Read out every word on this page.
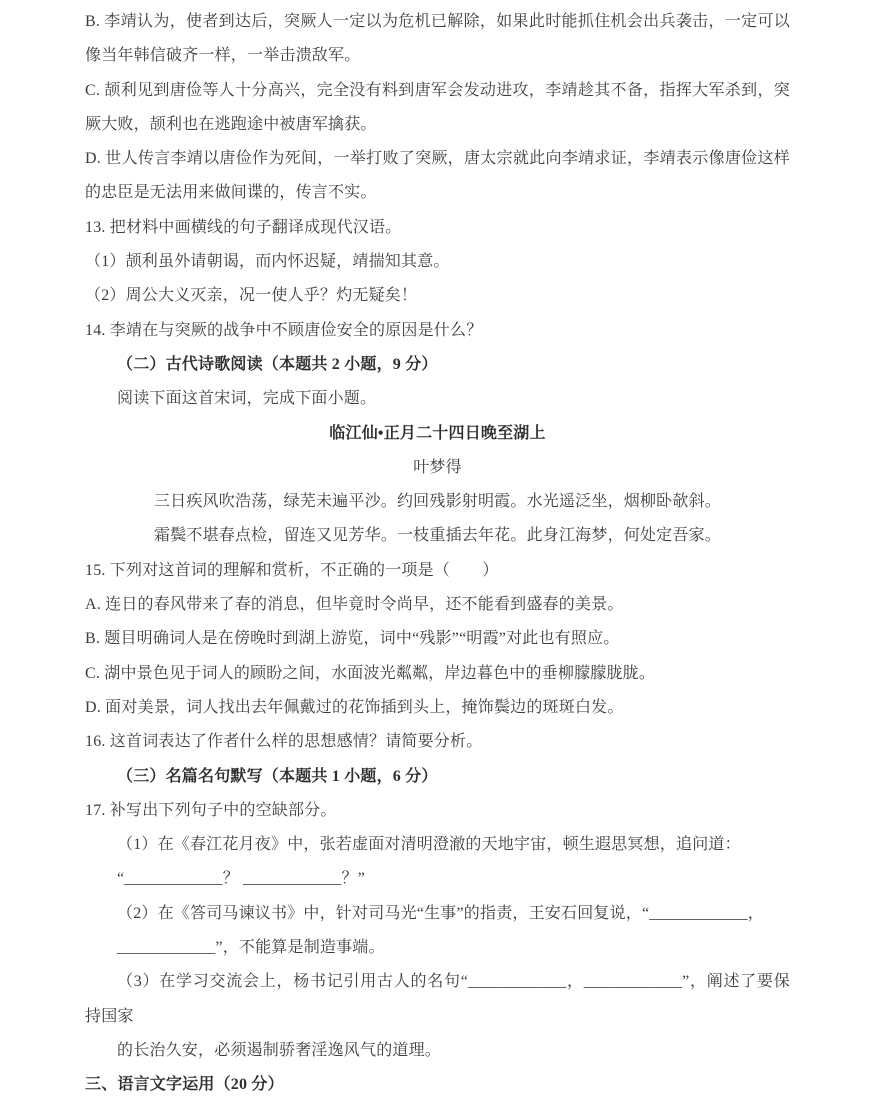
B. 李靖认为，使者到达后，突厥人一定以为危机已解除，如果此时能抓住机会出兵袭击，一定可以像当年韩信破齐一样，一举击溃敌军。

C. 颉利见到唐俭等人十分高兴，完全没有料到唐军会发动进攻，李靖趁其不备，指挥大军杀到，突厥大败，颉利也在逃跑途中被唐军擒获。

D. 世人传言李靖以唐俭作为死间，一举打败了突厥，唐太宗就此向李靖求证，李靖表示像唐俭这样的忠臣是无法用来做间谍的，传言不实。

13. 把材料中画横线的句子翻译成现代汉语。

（1）颉利虽外请朝谒，而内怀迟疑，靖揣知其意。

（2）周公大义灭亲，况一使人乎？灼无疑矣！

14. 李靖在与突厥的战争中不顾唐俭安全的原因是什么？

（二）古代诗歌阅读（本题共 2 小题，9 分）

阅读下面这首宋词，完成下面小题。

临江仙•正月二十四日晚至湖上

叶梦得

三日疾风吹浩荡，绿芜未遍平沙。约回残影射明霞。水光遥泛坐，烟柳卧欹斜。

霜鬓不堪春点检，留连又见芳华。一枝重插去年花。此身江海梦，何处定吾家。

15. 下列对这首词的理解和赏析，不正确的一项是（　　）

A. 连日的春风带来了春的消息，但毕竟时令尚早，还不能看到盛春的美景。

B. 题目明确词人是在傍晚时到湖上游览，词中“残影”“明霞”对此也有照应。

C. 湖中景色见于词人的顾盼之间，水面波光粼粼，岸边暮色中的垂柳朦朦胧胧。

D. 面对美景，词人找出去年佩戴过的花饰插到头上，掩饰鬓边的斑斑白发。

16. 这首词表达了作者什么样的思想感情？请简要分析。

（三）名篇名句默写（本题共 1 小题，6 分）

17. 补写出下列句子中的空缺部分。

（1）在《春江花月夜》中，张若虚面对清明澄澈的天地宇宙，顿生遐思冥想，追问道：

“____________？ ____________？”

（2）在《答司马谏议书》中，针对司马光“生事”的指责，王安石回复说，“____________，

____________”，不能算是制造事端。

（3）在学习交流会上，杨书记引用古人的名句“____________，____________”，阐述了要保持国家

的长治久安，必须遏制骄奢淫逸风气的道理。

三、语言文字运用（20 分）
